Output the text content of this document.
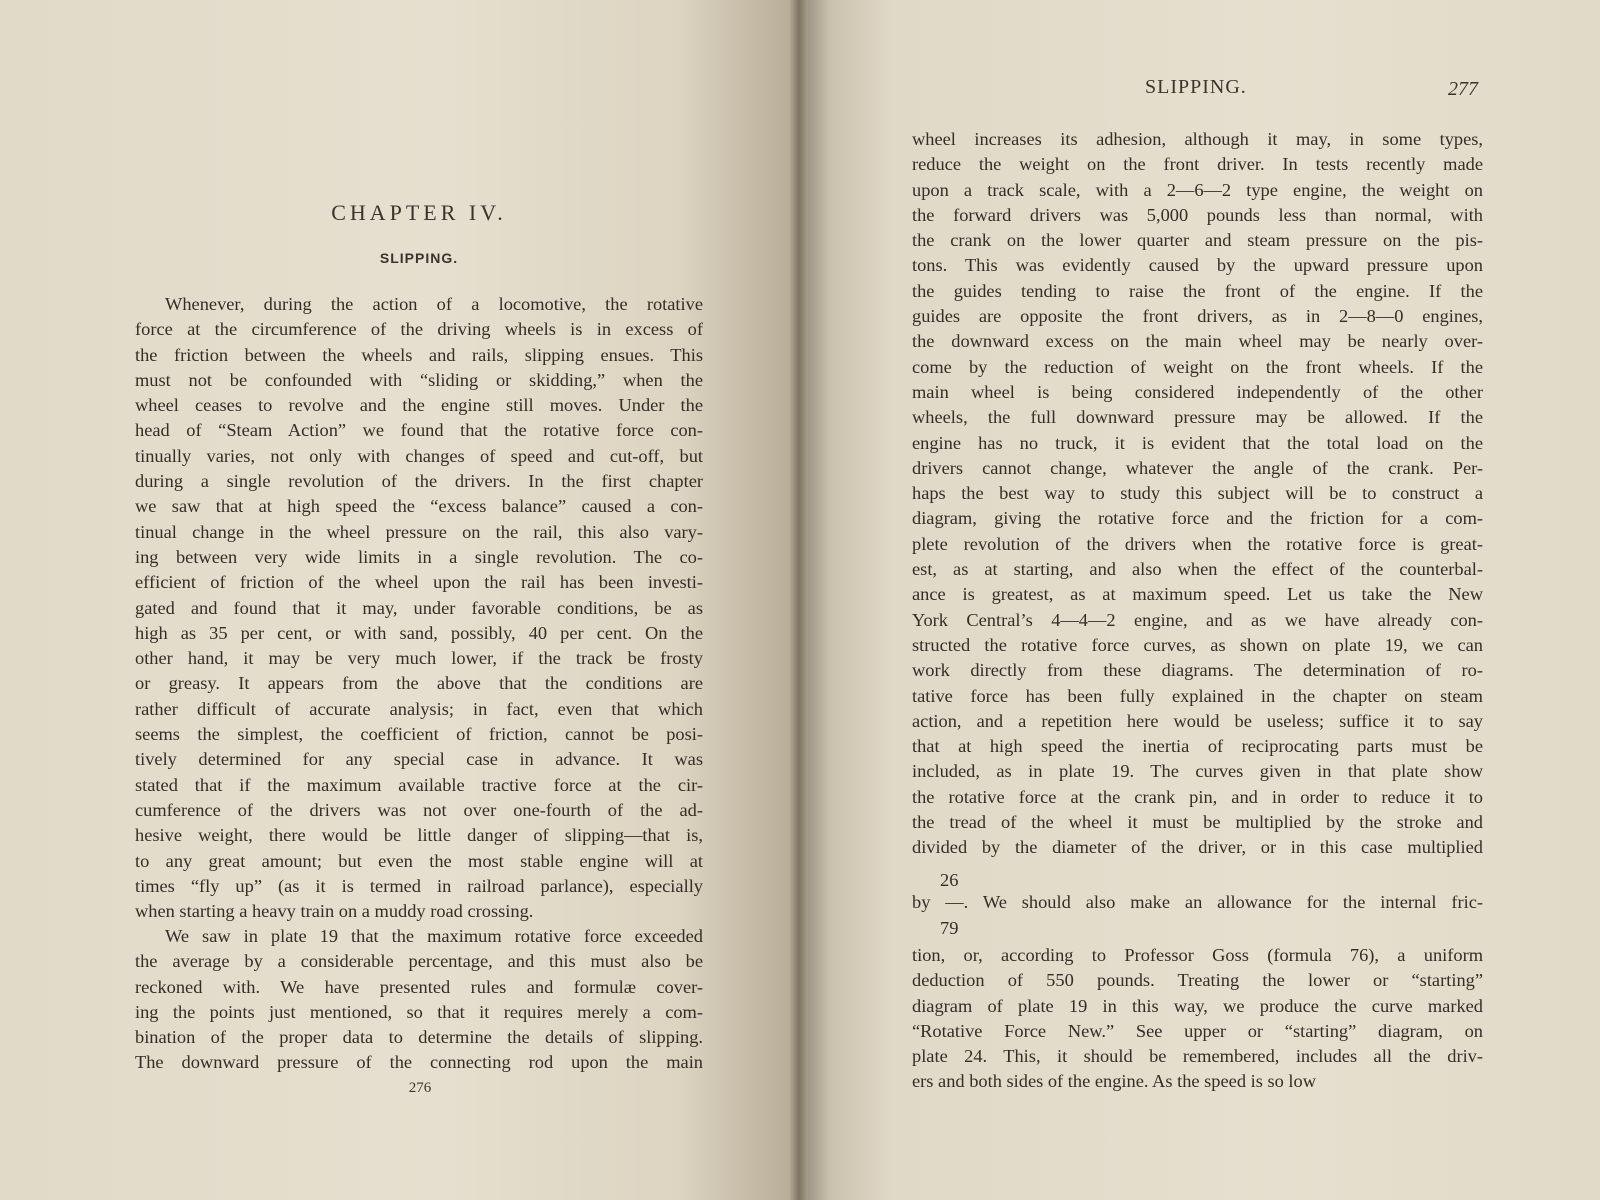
CHAPTER IV.
SLIPPING.
Whenever, during the action of a locomotive, the rotative
force at the circumference of the driving wheels is in excess of
the friction between the wheels and rails, slipping ensues. This
must not be confounded with “sliding or skidding,” when the
wheel ceases to revolve and the engine still moves. Under the
head of “Steam Action” we found that the rotative force con-
tinually varies, not only with changes of speed and cut-off, but
during a single revolution of the drivers. In the first chapter
we saw that at high speed the “excess balance” caused a con-
tinual change in the wheel pressure on the rail, this also vary-
ing between very wide limits in a single revolution. The co-
efficient of friction of the wheel upon the rail has been investi-
gated and found that it may, under favorable conditions, be as
high as 35 per cent, or with sand, possibly, 40 per cent. On the
other hand, it may be very much lower, if the track be frosty
or greasy. It appears from the above that the conditions are
rather difficult of accurate analysis; in fact, even that which
seems the simplest, the coefficient of friction, cannot be posi-
tively determined for any special case in advance. It was
stated that if the maximum available tractive force at the cir-
cumference of the drivers was not over one-fourth of the ad-
hesive weight, there would be little danger of slipping—that is,
to any great amount; but even the most stable engine will at
times “fly up” (as it is termed in railroad parlance), especially
when starting a heavy train on a muddy road crossing.
We saw in plate 19 that the maximum rotative force exceeded
the average by a considerable percentage, and this must also be
reckoned with. We have presented rules and formulæ cover-
ing the points just mentioned, so that it requires merely a com-
bination of the proper data to determine the details of slipping.
The downward pressure of the connecting rod upon the main
276
SLIPPING.	277
wheel increases its adhesion, although it may, in some types,
reduce the weight on the front driver. In tests recently made
upon a track scale, with a 2—6—2 type engine, the weight on
the forward drivers was 5,000 pounds less than normal, with
the crank on the lower quarter and steam pressure on the pis-
tons. This was evidently caused by the upward pressure upon
the guides tending to raise the front of the engine. If the
guides are opposite the front drivers, as in 2—8—0 engines,
the downward excess on the main wheel may be nearly over-
come by the reduction of weight on the front wheels. If the
main wheel is being considered independently of the other
wheels, the full downward pressure may be allowed. If the
engine has no truck, it is evident that the total load on the
drivers cannot change, whatever the angle of the crank. Per-
haps the best way to study this subject will be to construct a
diagram, giving the rotative force and the friction for a com-
plete revolution of the drivers when the rotative force is great-
est, as at starting, and also when the effect of the counterbal-
ance is greatest, as at maximum speed. Let us take the New
York Central’s 4—4—2 engine, and as we have already con-
structed the rotative force curves, as shown on plate 19, we can
work directly from these diagrams. The determination of ro-
tative force has been fully explained in the chapter on steam
action, and a repetition here would be useless; suffice it to say
that at high speed the inertia of reciprocating parts must be
included, as in plate 19. The curves given in that plate show
the rotative force at the crank pin, and in order to reduce it to
the tread of the wheel it must be multiplied by the stroke and
divided by the diameter of the driver, or in this case multiplied
26
by —. We should also make an allowance for the internal fric-
79
tion, or, according to Professor Goss (formula 76), a uniform
deduction of 550 pounds. Treating the lower or “starting”
diagram of plate 19 in this way, we produce the curve marked
“Rotative Force New.” See upper or “starting” diagram, on
plate 24. This, it should be remembered, includes all the driv-
ers and both sides of the engine. As the speed is so low
